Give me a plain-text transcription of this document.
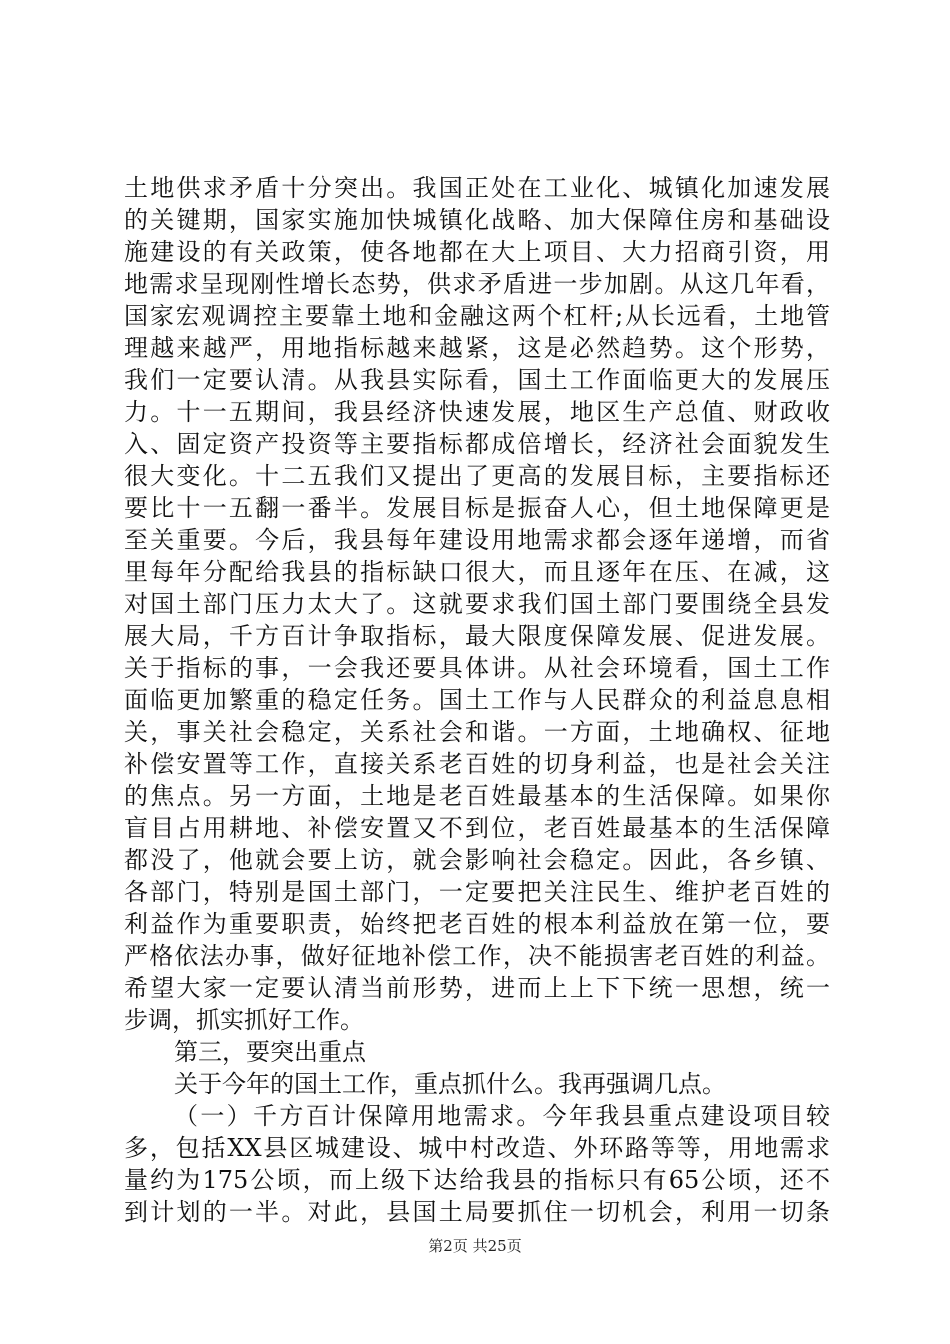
土地供求矛盾十分突出。我国正处在工业化、城镇化加速发展
的关键期，国家实施加快城镇化战略、加大保障住房和基础设
施建设的有关政策，使各地都在大上项目、大力招商引资，用
地需求呈现刚性增长态势，供求矛盾进一步加剧。从这几年看，
国家宏观调控主要靠土地和金融这两个杠杆;从长远看，土地管
理越来越严，用地指标越来越紧，这是必然趋势。这个形势，
我们一定要认清。从我县实际看，国土工作面临更大的发展压
力。十一五期间，我县经济快速发展，地区生产总值、财政收
入、固定资产投资等主要指标都成倍增长，经济社会面貌发生
很大变化。十二五我们又提出了更高的发展目标，主要指标还
要比十一五翻一番半。发展目标是振奋人心，但土地保障更是
至关重要。今后，我县每年建设用地需求都会逐年递增，而省
里每年分配给我县的指标缺口很大，而且逐年在压、在减，这
对国土部门压力太大了。这就要求我们国土部门要围绕全县发
展大局，千方百计争取指标，最大限度保障发展、促进发展。
关于指标的事，一会我还要具体讲。从社会环境看，国土工作
面临更加繁重的稳定任务。国土工作与人民群众的利益息息相
关，事关社会稳定，关系社会和谐。一方面，土地确权、征地
补偿安置等工作，直接关系老百姓的切身利益，也是社会关注
的焦点。另一方面，土地是老百姓最基本的生活保障。如果你
盲目占用耕地、补偿安置又不到位，老百姓最基本的生活保障
都没了，他就会要上访，就会影响社会稳定。因此，各乡镇、
各部门，特别是国土部门，一定要把关注民生、维护老百姓的
利益作为重要职责，始终把老百姓的根本利益放在第一位，要
严格依法办事，做好征地补偿工作，决不能损害老百姓的利益。
希望大家一定要认清当前形势，进而上上下下统一思想，统一
步调，抓实抓好工作。
第三，要突出重点
关于今年的国土工作，重点抓什么。我再强调几点。
（一）千方百计保障用地需求。今年我县重点建设项目较
多，包括XX县区城建设、城中村改造、外环路等等，用地需求
量约为175公顷，而上级下达给我县的指标只有65公顷，还不
到计划的一半。对此，县国土局要抓住一切机会，利用一切条
第2页 共25页
